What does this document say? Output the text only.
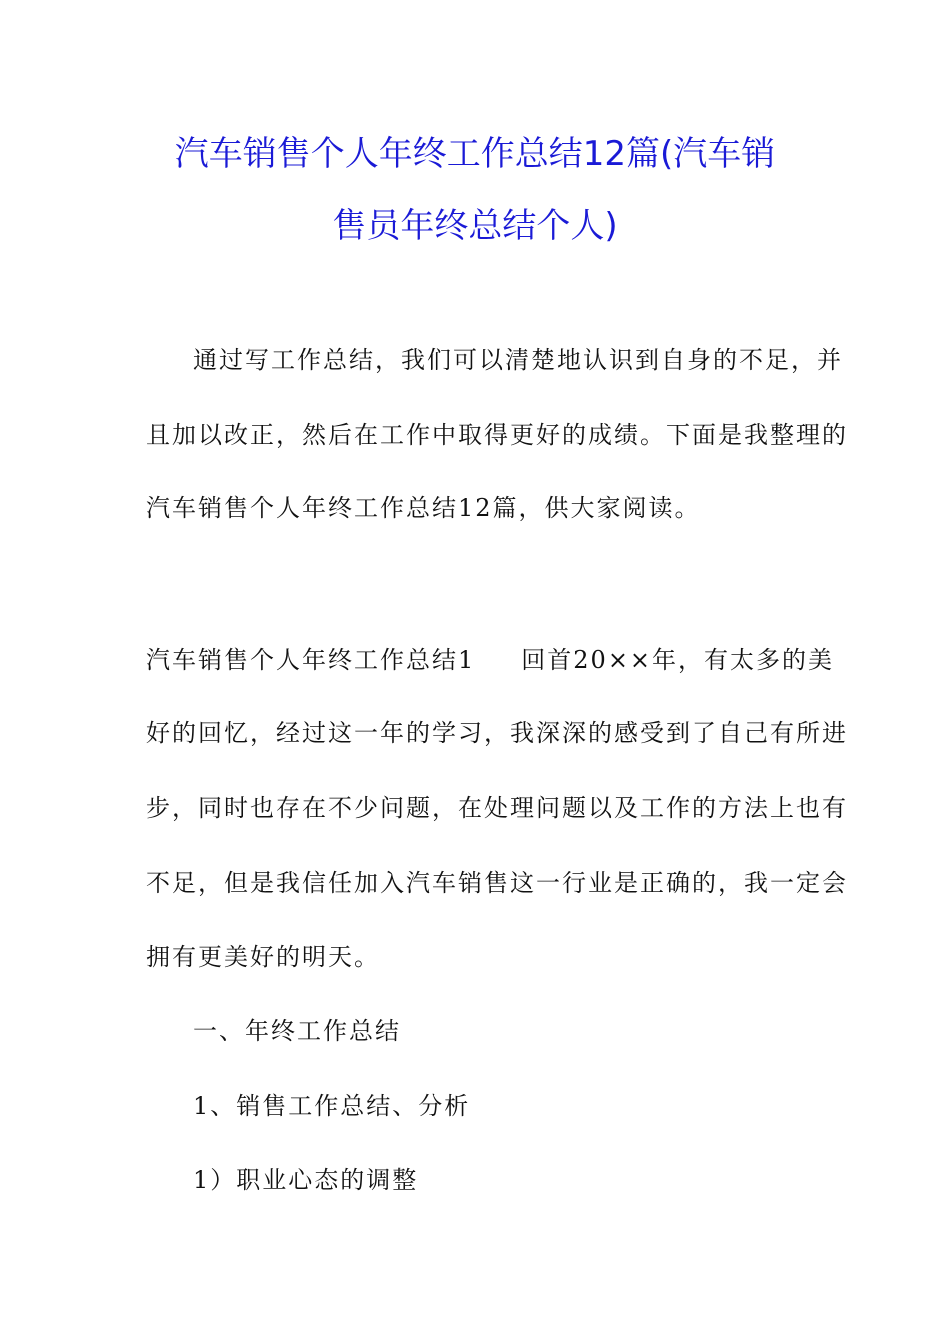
汽车销售个人年终工作总结12篇(汽车销
售员年终总结个人)
通过写工作总结，我们可以清楚地认识到自身的不足，并
且加以改正，然后在工作中取得更好的成绩。下面是我整理的
汽车销售个人年终工作总结12篇，供大家阅读。
汽车销售个人年终工作总结1 回首20××年，有太多的美
好的回忆，经过这一年的学习，我深深的感受到了自己有所进
步，同时也存在不少问题，在处理问题以及工作的方法上也有
不足，但是我信任加入汽车销售这一行业是正确的，我一定会
拥有更美好的明天。
一、年终工作总结
1、销售工作总结、分析
1）职业心态的调整
